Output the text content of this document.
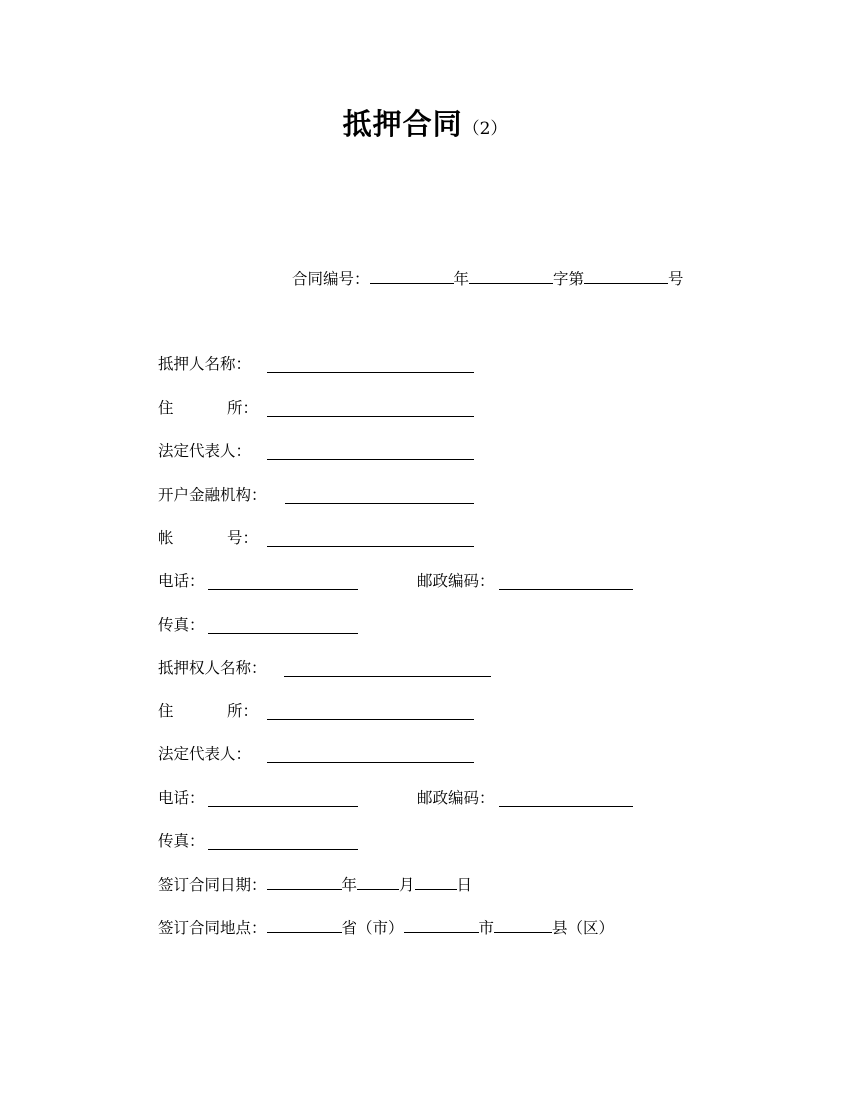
抵押合同（2）
合同编号：	年	字第	号
抵押人名称：
住	所：
法定代表人：
开户金融机构：
帐	号：
电话：	邮政编码：
传真：
抵押权人名称：
住	所：
法定代表人：
电话：	邮政编码：
传真：
签订合同日期：	年	月	日
签订合同地点：	省（市）	市	县（区）
